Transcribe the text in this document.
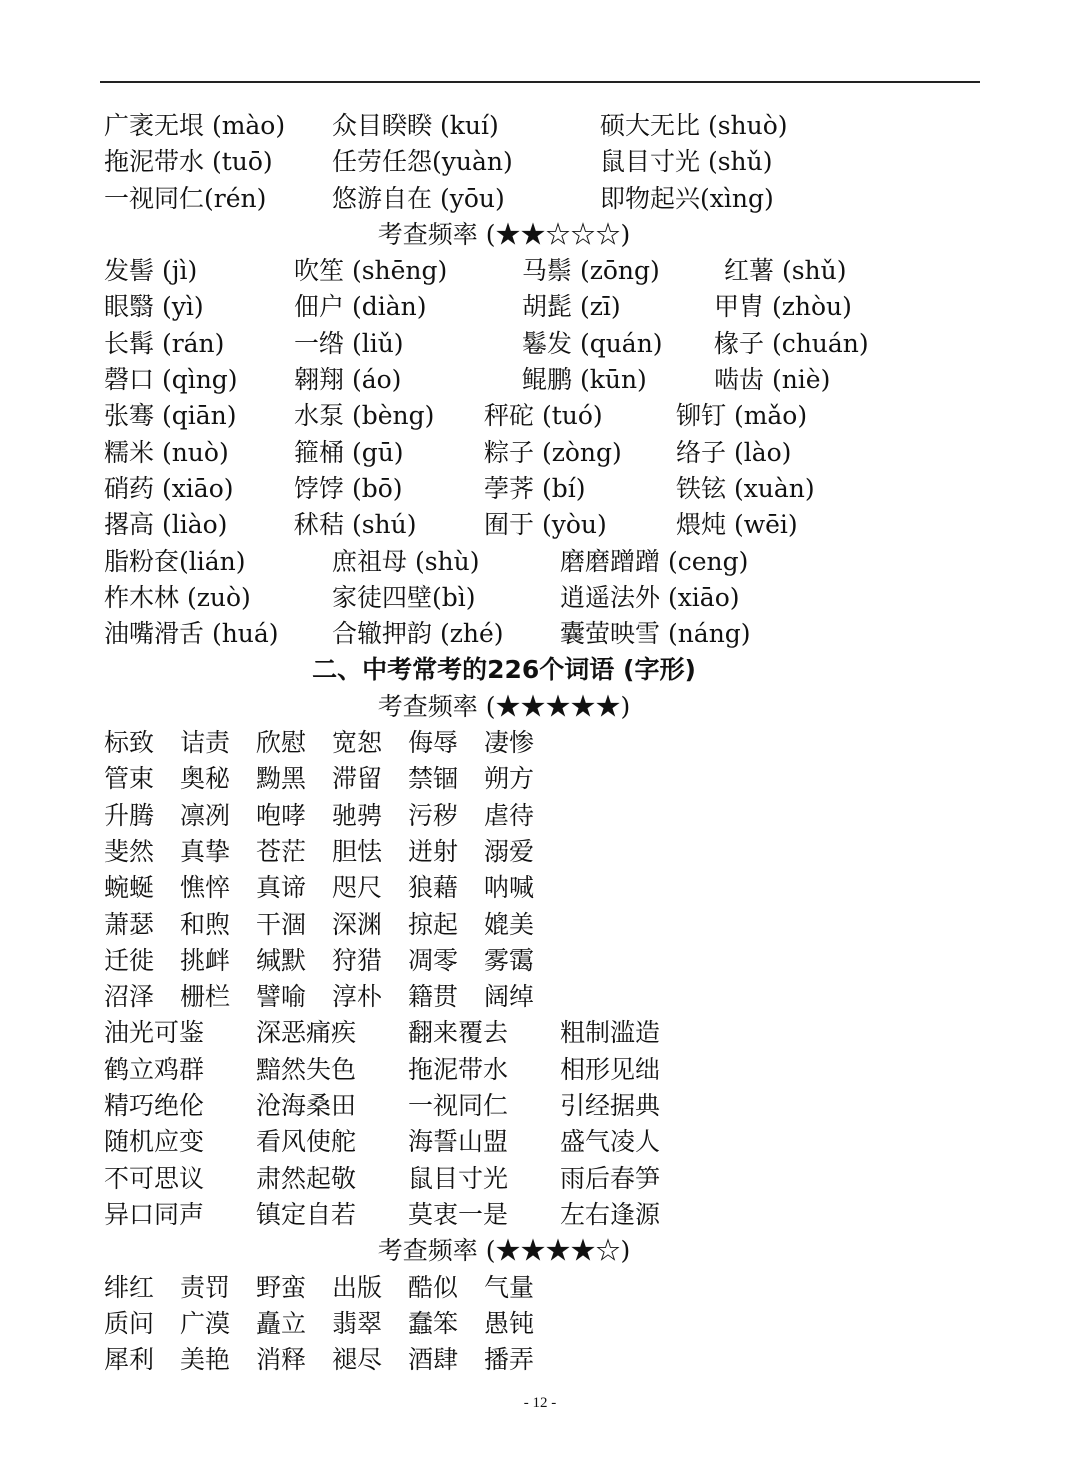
广袤无垠 (mào) 众目睽睽 (kuí)	硕大无比 (shuò)
拖泥带水 (tuō) 任劳任怨(yuàn)	鼠目寸光 (shǔ)
一视同仁(rén)	悠游自在 (yōu)	即物起兴(xìng)
考查频率 (★★☆☆☆)
发髻 (jì)	吹笙 (shēng)	马鬃 (zōng)	红薯 (shǔ)
眼翳 (yì)	佃户 (diàn)	胡髭 (zī)	甲胄 (zhòu)
长髯 (rán)	一绺 (liǔ)	鬈发 (quán) 椽子 (chuán)
磬口 (qìng) 翱翔 (áo)	鲲鹏 (kūn)	啮齿 (niè)
张骞 (qiān) 水泵 (bèng) 秤砣 (tuó)	铆钉 (mǎo)
糯米 (nuò)	箍桶 (gū)	粽子 (zòng) 络子 (lào)
硝药 (xiāo) 饽饽 (bō)	荸荠 (bí)	铁铉 (xuàn)
撂高 (liào)	秫秸 (shú)	囿于 (yòu)	煨炖 (wēi)
脂粉奁(lián)	庶祖母 (shù)	磨磨蹭蹭 (ceng)
柞木林 (zuò)	家徒四壁(bì)	逍遥法外 (xiāo)
油嘴滑舌 (huá) 合辙押韵 (zhé) 囊萤映雪 (náng)
二、中考常考的226个词语 (字形)
考查频率 (★★★★★)
标致 诘责 欣慰 宽恕 侮辱 凄惨
管束 奥秘 黝黑 滞留 禁锢 朔方
升腾 凛冽 咆哮 驰骋 污秽 虐待
斐然 真挚 苍茫 胆怯 迸射 溺爱
蜿蜒 憔悴 真谛 咫尺 狼藉 呐喊
萧瑟 和煦 干涸 深渊 掠起 媲美
迁徙 挑衅 缄默 狩猎 凋零 雾霭
沼泽 栅栏 譬喻 淳朴 籍贯 阔绰
油光可鉴 深恶痛疾 翻来覆去 粗制滥造
鹤立鸡群 黯然失色 拖泥带水 相形见绌
精巧绝伦 沧海桑田 一视同仁 引经据典
随机应变 看风使舵 海誓山盟 盛气凌人
不可思议 肃然起敬 鼠目寸光 雨后春笋
异口同声 镇定自若 莫衷一是 左右逢源
考查频率 (★★★★☆)
绯红 责罚 野蛮 出版 酷似 气量
质问 广漠 矗立 翡翠 蠢笨 愚钝
犀利 美艳 消释 褪尽 酒肆 播弄
- 12 -
